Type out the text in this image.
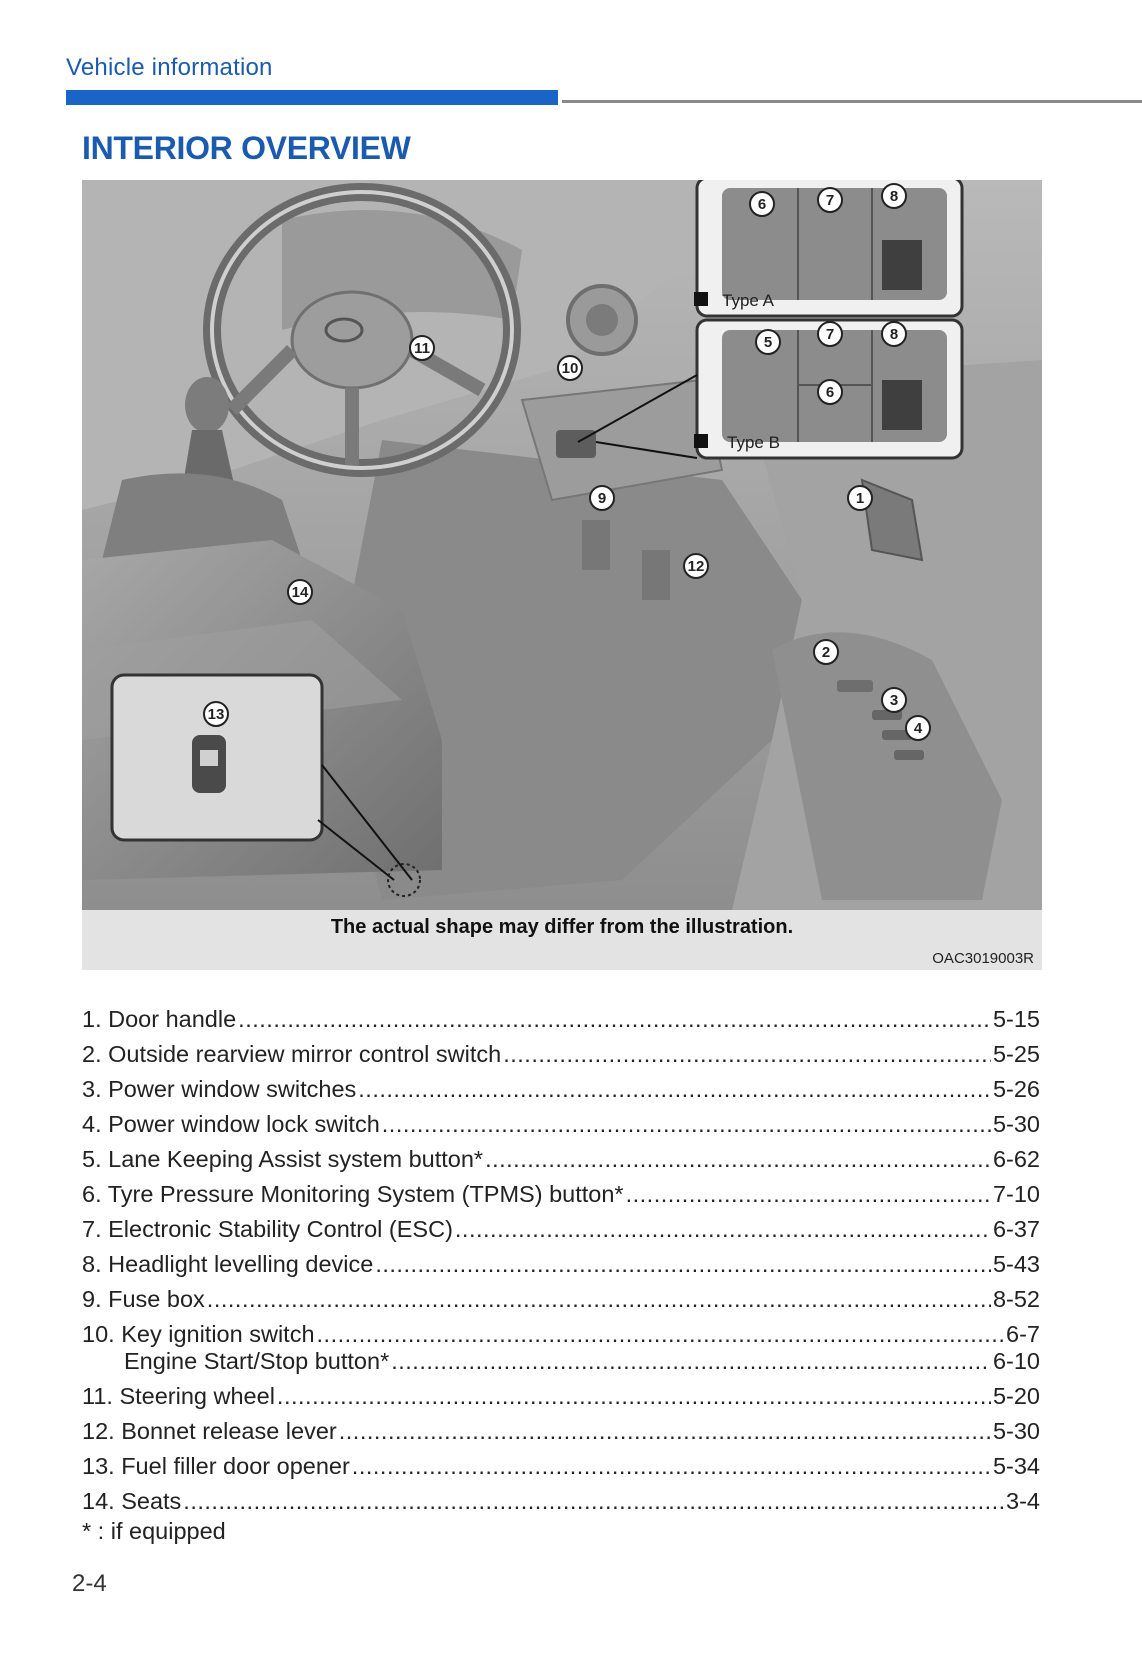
Vehicle information
INTERIOR OVERVIEW
Type A
Type B
1
2
3
4
5
6
6
7
7
8
8
9
10
11
12
13
14
The actual shape may differ from the illustration.
OAC3019003R
1. Door handle .....	5-15
2. Outside rearview mirror control switch .....	5-25
3. Power window switches .....	5-26
4. Power window lock switch .....	5-30
5. Lane Keeping Assist system button* .....	6-62
6. Tyre Pressure Monitoring System (TPMS) button* .....	7-10
7. Electronic Stability Control (ESC) .....	6-37
8. Headlight levelling device .....	5-43
9. Fuse box .....	8-52
10. Key ignition switch .....	6-7
Engine Start/Stop button* .....	6-10
11. Steering wheel .....	5-20
12. Bonnet release lever .....	5-30
13. Fuel filler door opener .....	5-34
14. Seats .....	3-4
* : if equipped
2-4
